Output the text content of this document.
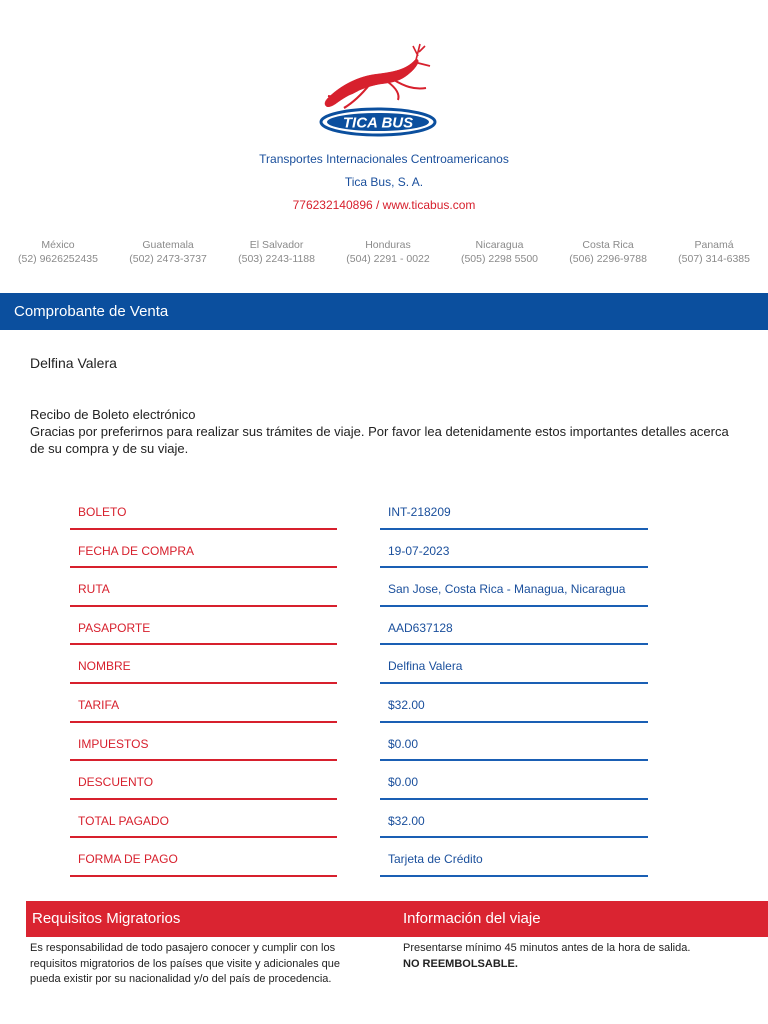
TICA BUS
Transportes Internacionales Centroamericanos
Tica Bus, S. A.
776232140896 / www.ticabus.com
México
(52) 9626252435
Guatemala
(502) 2473-3737
El Salvador
(503) 2243-1188
Honduras
(504) 2291 - 0022
Nicaragua
(505) 2298 5500
Costa Rica
(506) 2296-9788
Panamá
(507) 314-6385
Comprobante de Venta
Delfina Valera
Recibo de Boleto electrónico
Gracias por preferirnos para realizar sus trámites de viaje. Por favor lea detenidamente estos importantes detalles acerca de su compra y de su viaje.
BOLETO	INT-218209
FECHA DE COMPRA	19-07-2023
RUTA	San Jose, Costa Rica - Managua, Nicaragua
PASAPORTE	AAD637128
NOMBRE	Delfina Valera
TARIFA	$32.00
IMPUESTOS	$0.00
DESCUENTO	$0.00
TOTAL PAGADO	$32.00
FORMA DE PAGO	Tarjeta de Crédito
Requisitos Migratorios	Información del viaje
Es responsabilidad de todo pasajero conocer y cumplir con los requisitos migratorios de los países que visite y adicionales que pueda existir por su nacionalidad y/o del país de procedencia.
Presentarse mínimo 45 minutos antes de la hora de salida.
NO REEMBOLSABLE.
